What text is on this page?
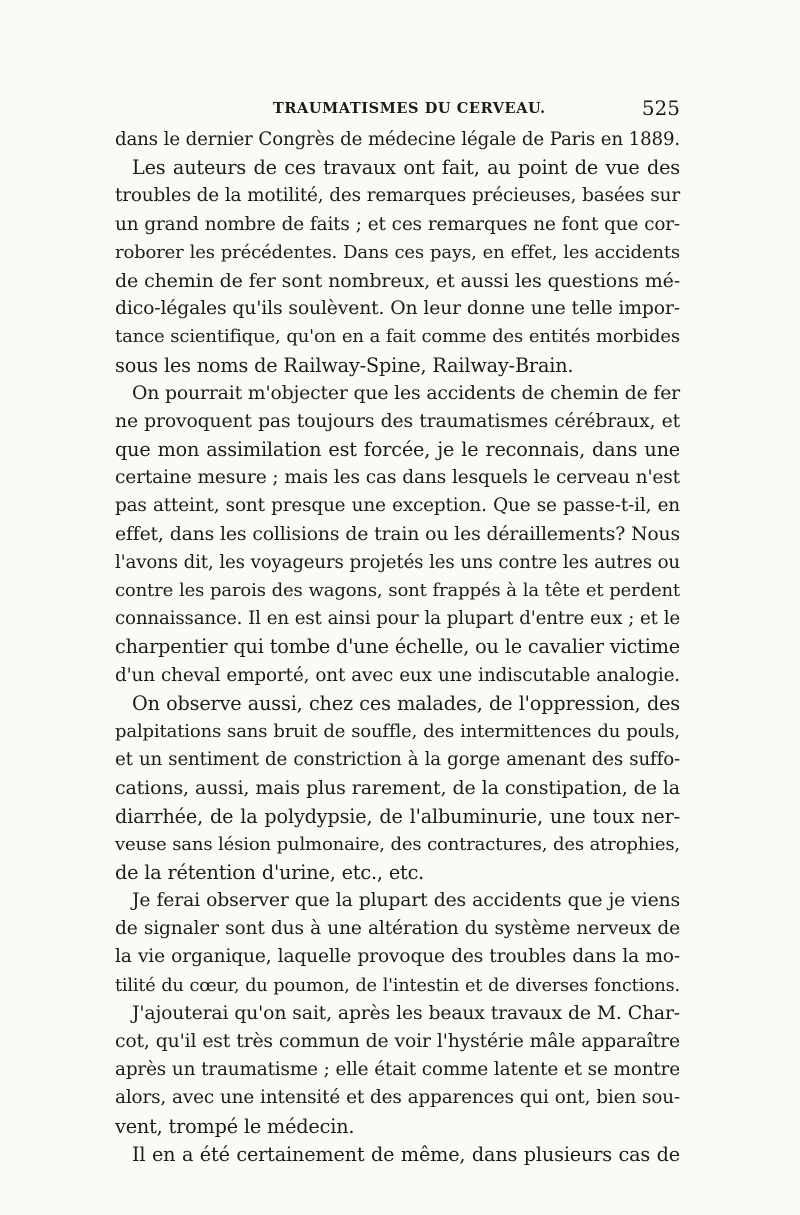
TRAUMATISMES DU CERVEAU.	525
dans le dernier Congrès de médecine légale de Paris en 1889.
Les auteurs de ces travaux ont fait, au point de vue des
troubles de la motilité, des remarques précieuses, basées sur
un grand nombre de faits ; et ces remarques ne font que cor-
roborer les précédentes. Dans ces pays, en effet, les accidents
de chemin de fer sont nombreux, et aussi les questions mé-
dico-légales qu'ils soulèvent. On leur donne une telle impor-
tance scientifique, qu'on en a fait comme des entités morbides
sous les noms de Railway-Spine, Railway-Brain.
On pourrait m'objecter que les accidents de chemin de fer
ne provoquent pas toujours des traumatismes cérébraux, et
que mon assimilation est forcée, je le reconnais, dans une
certaine mesure ; mais les cas dans lesquels le cerveau n'est
pas atteint, sont presque une exception. Que se passe-t-il, en
effet, dans les collisions de train ou les déraillements? Nous
l'avons dit, les voyageurs projetés les uns contre les autres ou
contre les parois des wagons, sont frappés à la tête et perdent
connaissance. Il en est ainsi pour la plupart d'entre eux ; et le
charpentier qui tombe d'une échelle, ou le cavalier victime
d'un cheval emporté, ont avec eux une indiscutable analogie.
On observe aussi, chez ces malades, de l'oppression, des
palpitations sans bruit de souffle, des intermittences du pouls,
et un sentiment de constriction à la gorge amenant des suffo-
cations, aussi, mais plus rarement, de la constipation, de la
diarrhée, de la polydypsie, de l'albuminurie, une toux ner-
veuse sans lésion pulmonaire, des contractures, des atrophies,
de la rétention d'urine, etc., etc.
Je ferai observer que la plupart des accidents que je viens
de signaler sont dus à une altération du système nerveux de
la vie organique, laquelle provoque des troubles dans la mo-
tilité du cœur, du poumon, de l'intestin et de diverses fonctions.
J'ajouterai qu'on sait, après les beaux travaux de M. Char-
cot, qu'il est très commun de voir l'hystérie mâle apparaître
après un traumatisme ; elle était comme latente et se montre
alors, avec une intensité et des apparences qui ont, bien sou-
vent, trompé le médecin.
Il en a été certainement de même, dans plusieurs cas de
